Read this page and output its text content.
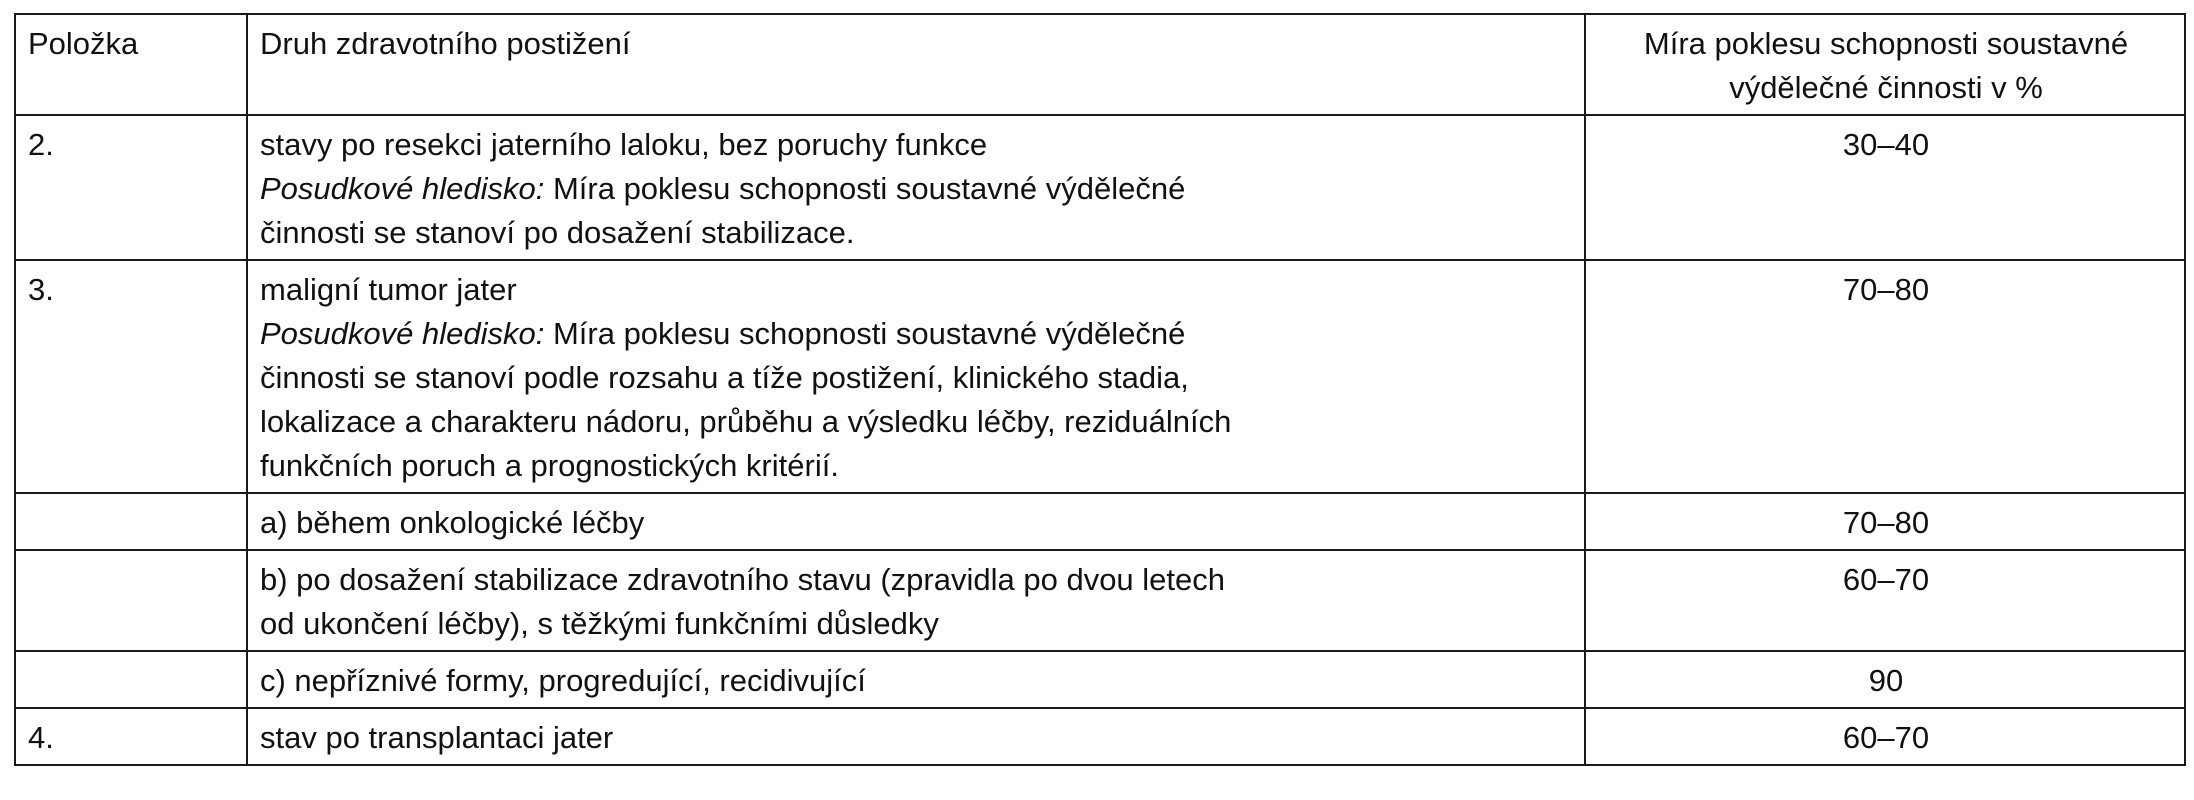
Položka	Druh zdravotního postižení	Míra poklesu schopnosti soustavné
výdělečné činnosti v %

2.	stavy po resekci jaterního laloku, bez poruchy funkce
Posudkové hledisko: Míra poklesu schopnosti soustavné výdělečné
činnosti se stanoví po dosažení stabilizace.	30–40
3.	maligní tumor jater
Posudkové hledisko: Míra poklesu schopnosti soustavné výdělečné
činnosti se stanoví podle rozsahu a tíže postižení, klinického stadia,
lokalizace a charakteru nádoru, průběhu a výsledku léčby, reziduálních
funkčních poruch a prognostických kritérií.	70–80

	a) během onkologické léčby	70–80

	b) po dosažení stabilizace zdravotního stavu (zpravidla po dvou letech
od ukončení léčby), s těžkými funkčními důsledky	60–70

	c) nepříznivé formy, progredující, recidivující	90
4.	stav po transplantaci jater	60–70
